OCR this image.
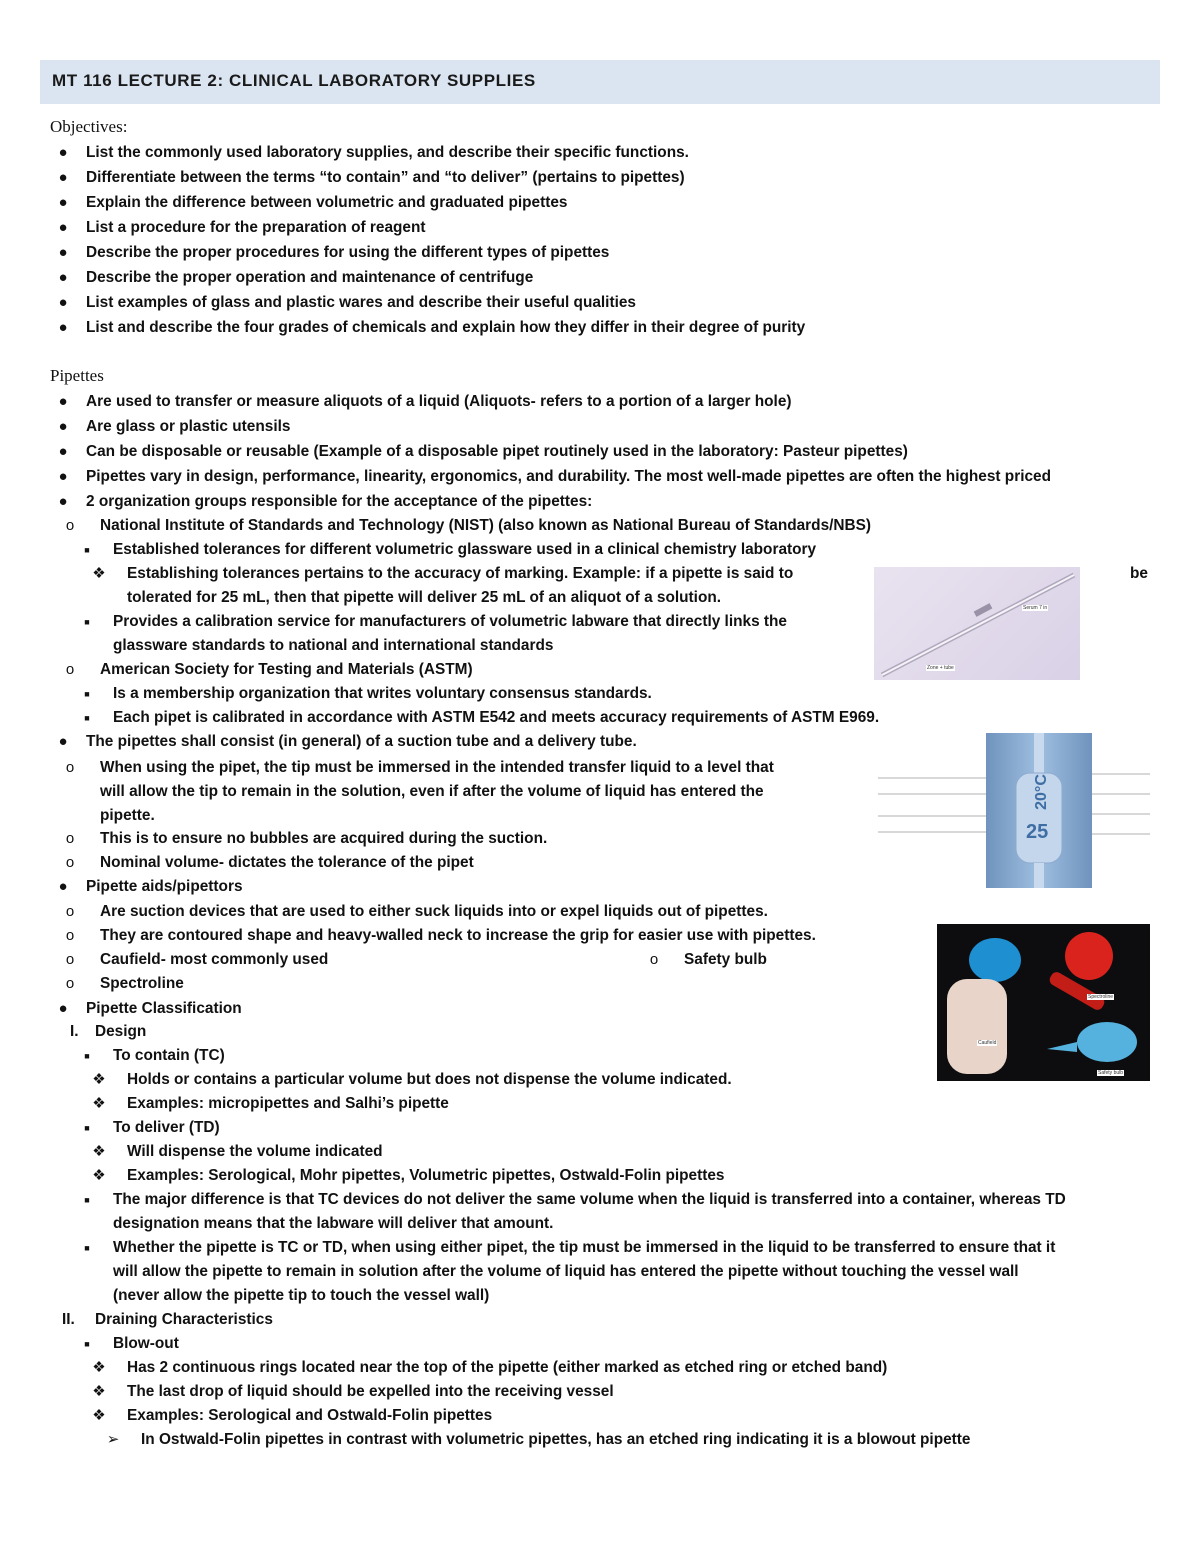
MT 116 LECTURE 2: CLINICAL LABORATORY SUPPLIES
Objectives:
● List the commonly used laboratory supplies, and describe their specific functions.
● Differentiate between the terms “to contain” and “to deliver” (pertains to pipettes)
● Explain the difference between volumetric and graduated pipettes
● List a procedure for the preparation of reagent
● Describe the proper procedures for using the different types of pipettes
● Describe the proper operation and maintenance of centrifuge
● List examples of glass and plastic wares and describe their useful qualities
● List and describe the four grades of chemicals and explain how they differ in their degree of purity
Pipettes
● Are used to transfer or measure aliquots of a liquid (Aliquots- refers to a portion of a larger hole)
● Are glass or plastic utensils
● Can be disposable or reusable (Example of a disposable pipet routinely used in the laboratory: Pasteur pipettes)
● Pipettes vary in design, performance, linearity, ergonomics, and durability. The most well-made pipettes are often the highest priced
● 2 organization groups responsible for the acceptance of the pipettes:
o National Institute of Standards and Technology (NIST) (also known as National Bureau of Standards/NBS)
■ Established tolerances for different volumetric glassware used in a clinical chemistry laboratory
❖ Establishing tolerances pertains to the accuracy of marking. Example: if a pipette is said to	be
tolerated for 25 mL, then that pipette will deliver 25 mL of an aliquot of a solution.
■ Provides a calibration service for manufacturers of volumetric labware that directly links the
glassware standards to national and international standards
o American Society for Testing and Materials (ASTM)
■ Is a membership organization that writes voluntary consensus standards.
■ Each pipet is calibrated in accordance with ASTM E542 and meets accuracy requirements of ASTM E969.
● The pipettes shall consist (in general) of a suction tube and a delivery tube.
o When using the pipet, the tip must be immersed in the intended transfer liquid to a level that
will allow the tip to remain in the solution, even if after the volume of liquid has entered the
pipette.
o This is to ensure no bubbles are acquired during the suction.
o Nominal volume- dictates the tolerance of the pipet
● Pipette aids/pipettors
o Are suction devices that are used to either suck liquids into or expel liquids out of pipettes.
o They are contoured shape and heavy-walled neck to increase the grip for easier use with pipettes.
o Caufield- most commonly used	o Safety bulb
o Spectroline
● Pipette Classification
I. Design
■ To contain (TC)
❖ Holds or contains a particular volume but does not dispense the volume indicated.
❖ Examples: micropipettes and Salhi’s pipette
■ To deliver (TD)
❖ Will dispense the volume indicated
❖ Examples: Serological, Mohr pipettes, Volumetric pipettes, Ostwald-Folin pipettes
■ The major difference is that TC devices do not deliver the same volume when the liquid is transferred into a container, whereas TD
designation means that the labware will deliver that amount.
■ Whether the pipette is TC or TD, when using either pipet, the tip must be immersed in the liquid to be transferred to ensure that it
will allow the pipette to remain in solution after the volume of liquid has entered the pipette without touching the vessel wall
(never allow the pipette tip to touch the vessel wall)
II. Draining Characteristics
■ Blow-out
❖ Has 2 continuous rings located near the top of the pipette (either marked as etched ring or etched band)
❖ The last drop of liquid should be expelled into the receiving vessel
❖ Examples: Serological and Ostwald-Folin pipettes
➢ In Ostwald-Folin pipettes in contrast with volumetric pipettes, has an etched ring indicating it is a blowout pipette
Serum 7 in
Zone + tube
20°C
25
Caufield
Spectroline
Safety bulb
